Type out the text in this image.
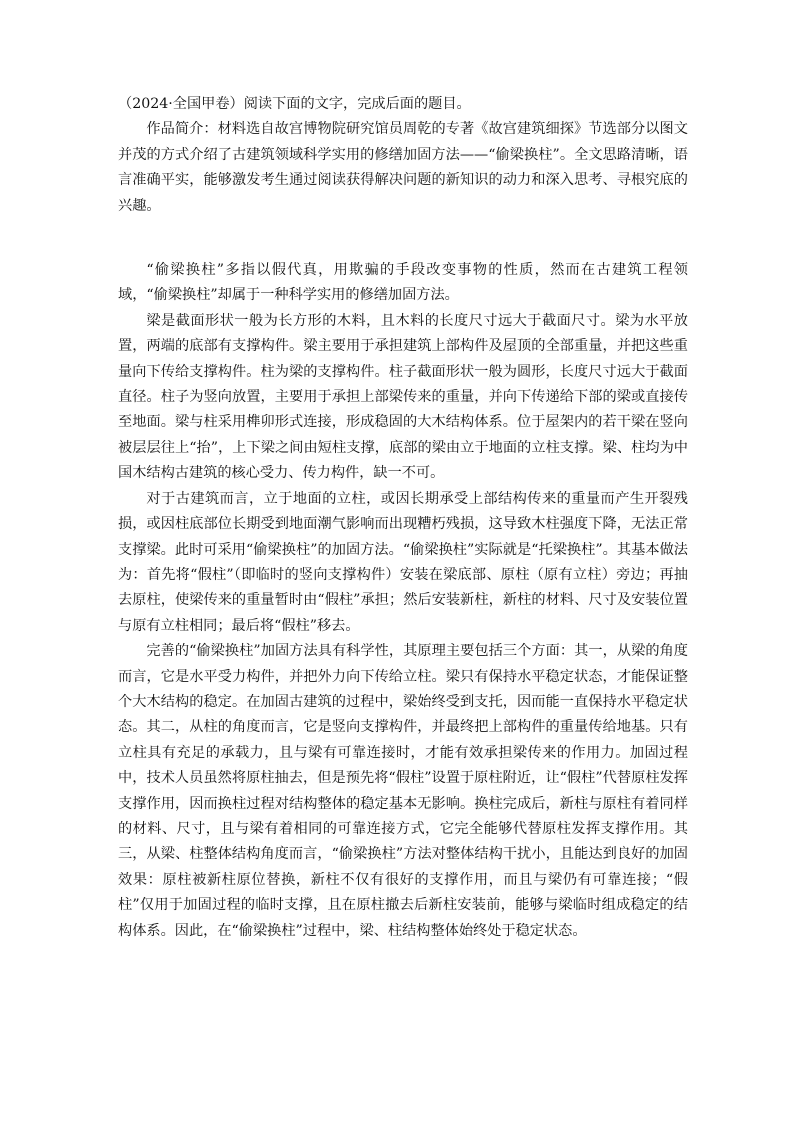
（2024·全国甲卷）阅读下面的文字，完成后面的题目。

作品简介：材料选自故宫博物院研究馆员周乾的专著《故宫建筑细探》节选部分以图文并茂的方式介绍了古建筑领域科学实用的修缮加固方法——“偷梁换柱”。全文思路清晰，语言准确平实，能够激发考生通过阅读获得解决问题的新知识的动力和深入思考、寻根究底的兴趣。

“偷梁换柱”多指以假代真，用欺骗的手段改变事物的性质，然而在古建筑工程领域，“偷梁换柱”却属于一种科学实用的修缮加固方法。

梁是截面形状一般为长方形的木料，且木料的长度尺寸远大于截面尺寸。梁为水平放置，两端的底部有支撑构件。梁主要用于承担建筑上部构件及屋顶的全部重量，并把这些重量向下传给支撑构件。柱为梁的支撑构件。柱子截面形状一般为圆形，长度尺寸远大于截面直径。柱子为竖向放置，主要用于承担上部梁传来的重量，并向下传递给下部的梁或直接传至地面。梁与柱采用榫卯形式连接，形成稳固的大木结构体系。位于屋架内的若干梁在竖向被层层往上“抬”，上下梁之间由短柱支撑，底部的梁由立于地面的立柱支撑。梁、柱均为中国木结构古建筑的核心受力、传力构件，缺一不可。

对于古建筑而言，立于地面的立柱，或因长期承受上部结构传来的重量而产生开裂残损，或因柱底部位长期受到地面潮气影响而出现糟朽残损，这导致木柱强度下降，无法正常支撑梁。此时可采用“偷梁换柱”的加固方法。“偷梁换柱”实际就是“托梁换柱”。其基本做法为：首先将“假柱”（即临时的竖向支撑构件）安装在梁底部、原柱（原有立柱）旁边；再抽去原柱，使梁传来的重量暂时由“假柱”承担；然后安装新柱，新柱的材料、尺寸及安装位置与原有立柱相同；最后将“假柱”移去。

完善的“偷梁换柱”加固方法具有科学性，其原理主要包括三个方面：其一，从梁的角度而言，它是水平受力构件，并把外力向下传给立柱。梁只有保持水平稳定状态，才能保证整个大木结构的稳定。在加固古建筑的过程中，梁始终受到支托，因而能一直保持水平稳定状态。其二，从柱的角度而言，它是竖向支撑构件，并最终把上部构件的重量传给地基。只有立柱具有充足的承载力，且与梁有可靠连接时，才能有效承担梁传来的作用力。加固过程中，技术人员虽然将原柱抽去，但是预先将“假柱”设置于原柱附近，让“假柱”代替原柱发挥支撑作用，因而换柱过程对结构整体的稳定基本无影响。换柱完成后，新柱与原柱有着同样的材料、尺寸，且与梁有着相同的可靠连接方式，它完全能够代替原柱发挥支撑作用。其三，从梁、柱整体结构角度而言，“偷梁换柱”方法对整体结构干扰小，且能达到良好的加固效果：原柱被新柱原位替换，新柱不仅有很好的支撑作用，而且与梁仍有可靠连接；“假柱”仅用于加固过程的临时支撑，且在原柱撤去后新柱安装前，能够与梁临时组成稳定的结构体系。因此，在“偷梁换柱”过程中，梁、柱结构整体始终处于稳定状态。
